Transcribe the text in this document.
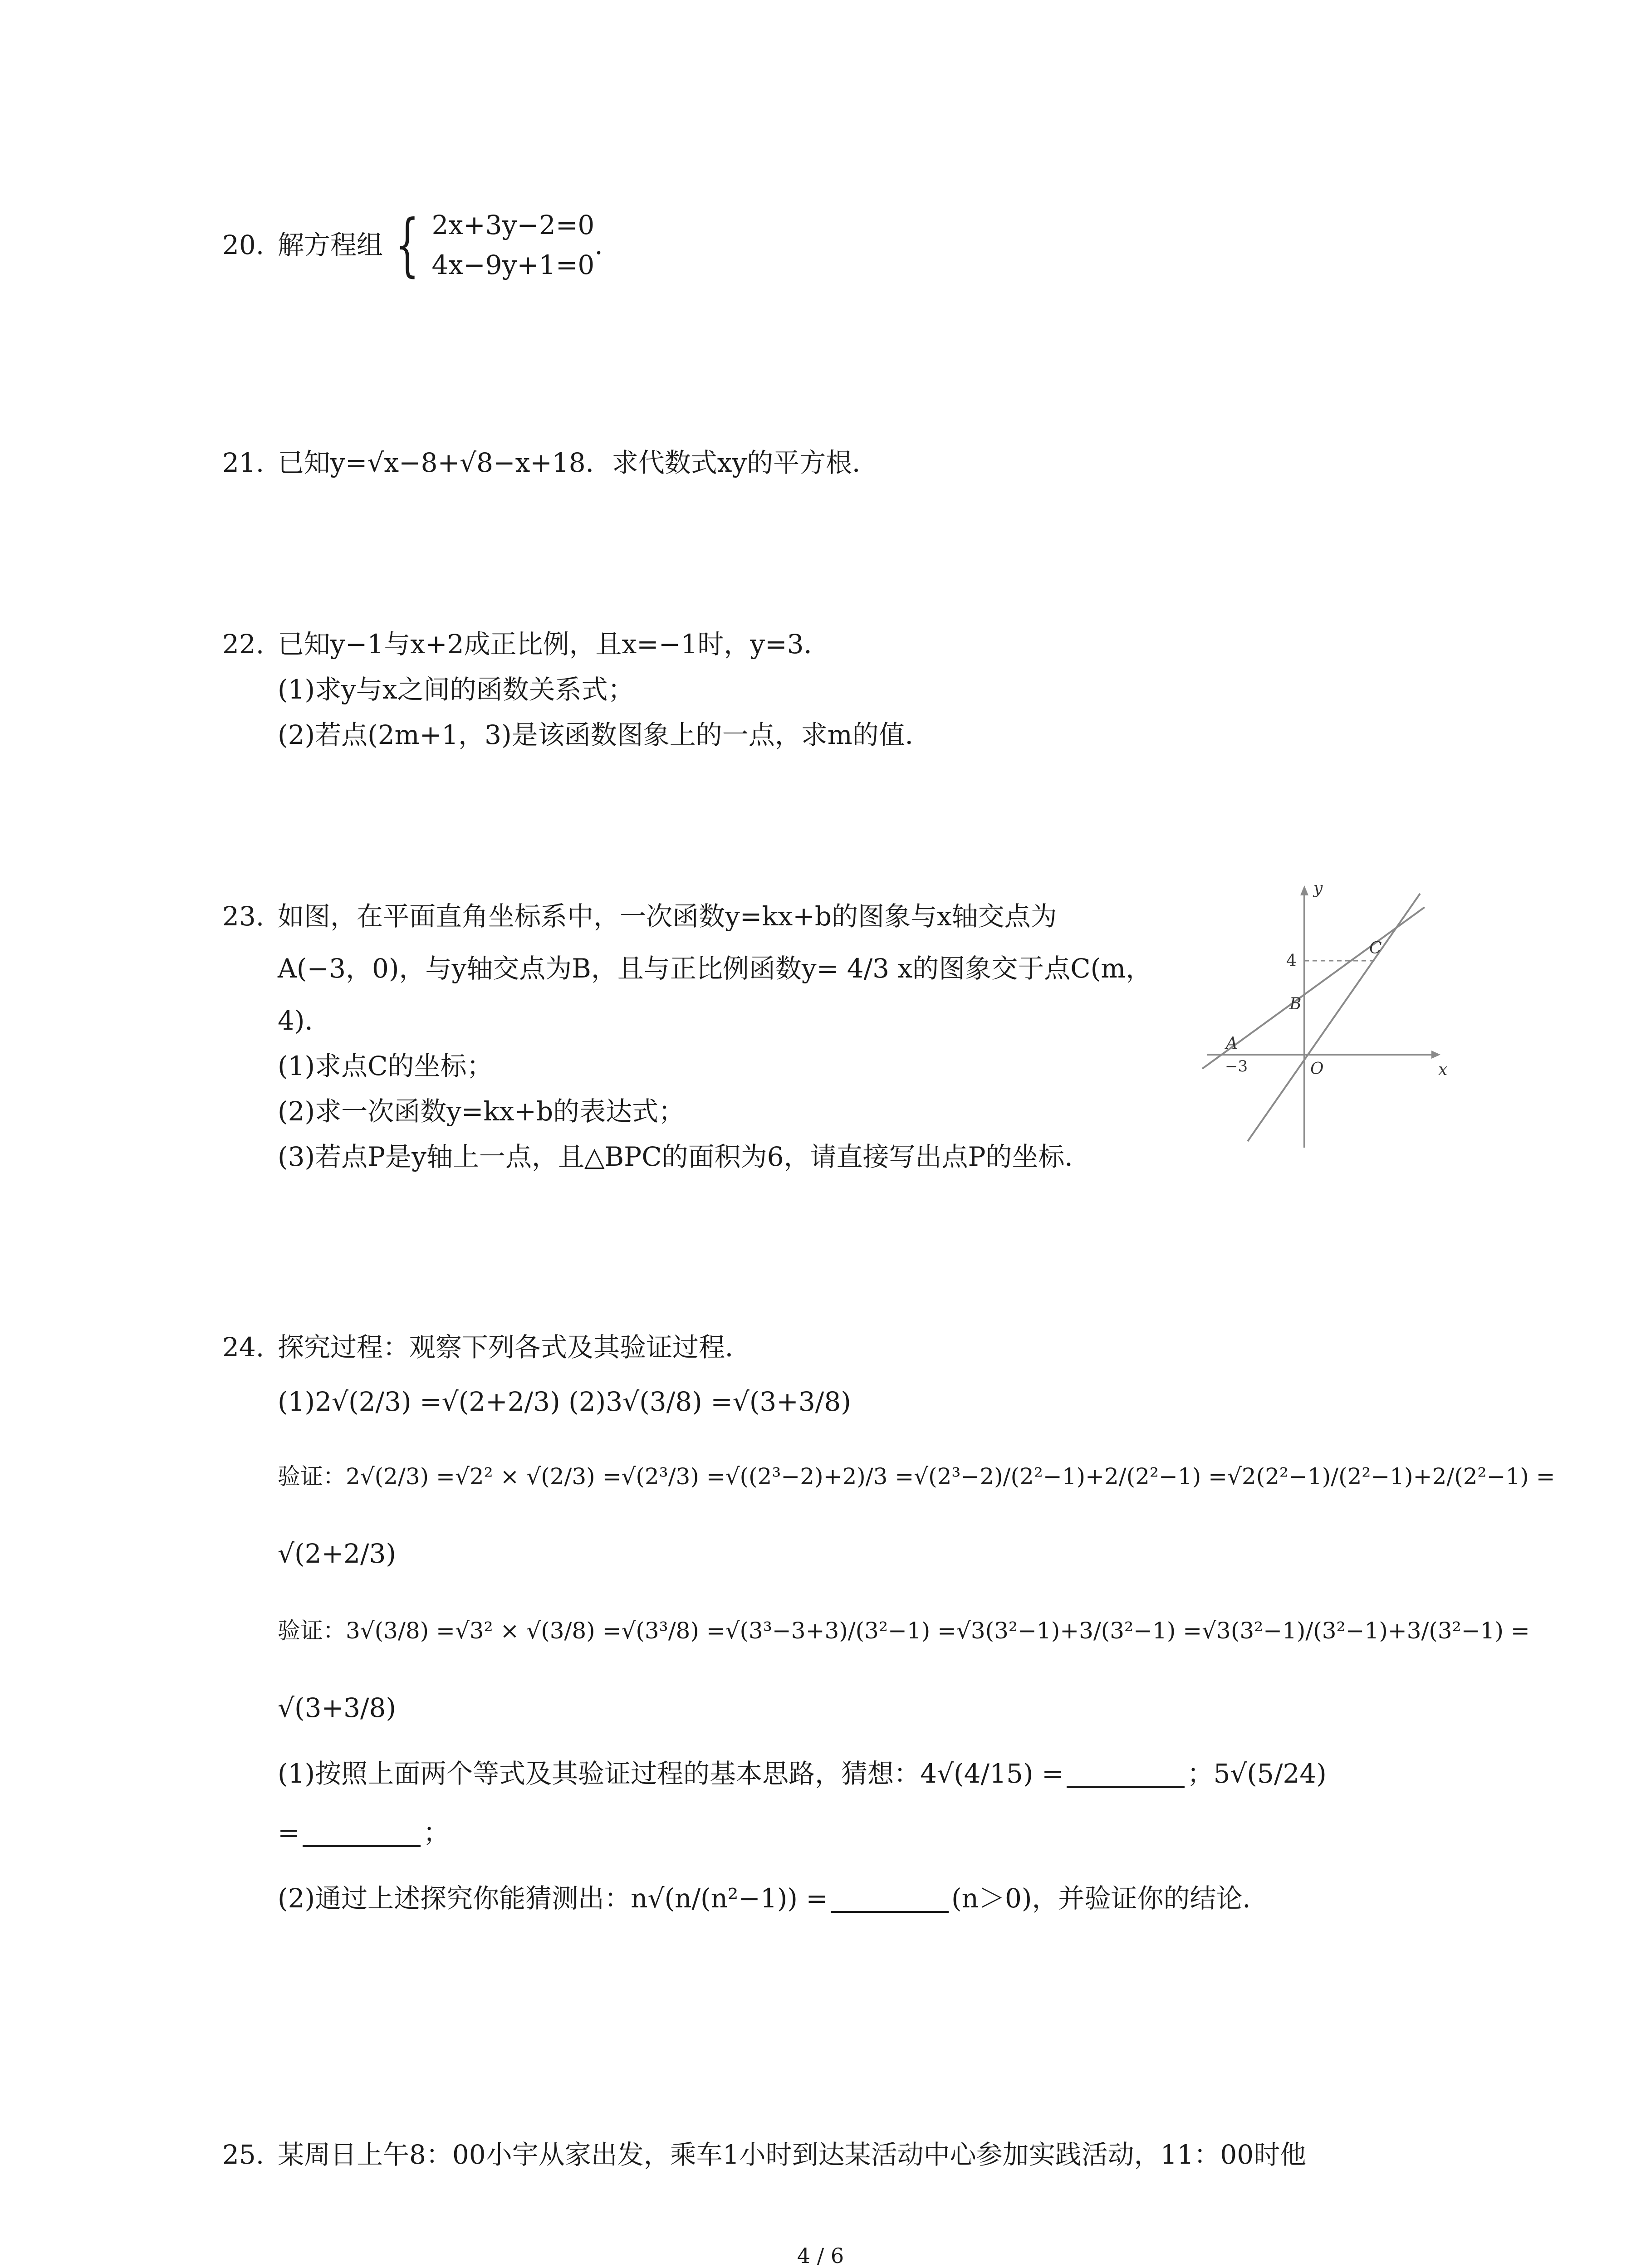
20. 解方程组 { 2x+3y−2=0
4x−9y+1=0
.
21. 已知y=√x−8+√8−x+18．求代数式xy的平方根．
22. 已知y−1与x+2成正比例，且x=−1时，y=3．
(1)求y与x之间的函数关系式；
(2)若点(2m+1，3)是该函数图象上的一点，求m的值．
23. 如图，在平面直角坐标系中，一次函数y=kx+b的图象与x轴交点为
A(−3，0)，与y轴交点为B，且与正比例函数y= 4/3 x的图象交于点C(m，
4)．
(1)求点C的坐标；
(2)求一次函数y=kx+b的表达式；
(3)若点P是y轴上一点，且△BPC的面积为6，请直接写出点P的坐标．
y
x
4
−3
A
B
C
O
24. 探究过程：观察下列各式及其验证过程．
(1)2√(2/3) =√(2+2/3) (2)3√(3/8) =√(3+3/8)
验证：2√(2/3) =√2² × √(2/3) =√(2³/3) =√((2³−2)+2)/3 =√(2³−2)/(2²−1)+2/(2²−1) =√2(2²−1)/(2²−1)+2/(2²−1) =
√(2+2/3)
验证：3√(3/8) =√3² × √(3/8) =√(3³/8) =√(3³−3+3)/(3²−1) =√3(3²−1)+3/(3²−1) =√3(3²−1)/(3²−1)+3/(3²−1) =
√(3+3/8)
(1)按照上面两个等式及其验证过程的基本思路，猜想：4√(4/15) =	；5√(5/24)
=	；
(2)通过上述探究你能猜测出：n√(n/(n²−1)) =	(n＞0)，并验证你的结论．
25. 某周日上午8：00小宇从家出发，乘车1小时到达某活动中心参加实践活动，11：00时他
4 / 6
